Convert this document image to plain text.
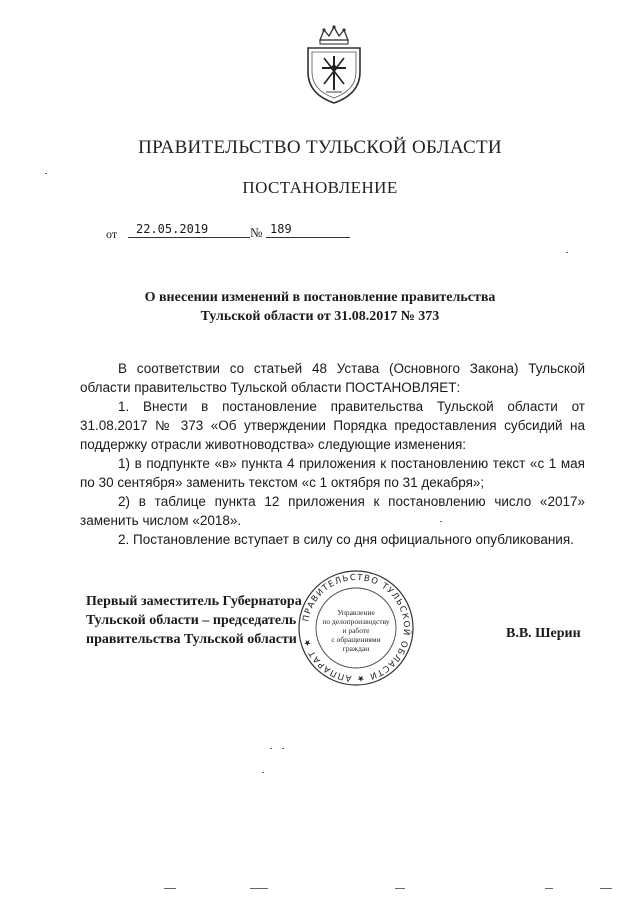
ПРАВИТЕЛЬСТВО ТУЛЬСКОЙ ОБЛАСТИ
ПОСТАНОВЛЕНИЕ
от	22.05.2019	№ 189
О внесении изменений в постановление правительства
Тульской области от 31.08.2017 № 373

В соответствии со статьей 48 Устава (Основного Закона) Тульской области правительство Тульской области ПОСТАНОВЛЯЕТ:

1. Внести в постановление правительства Тульской области от 31.08.2017 № 373 «Об утверждении Порядка предоставления субсидий на поддержку отрасли животноводства» следующие изменения:

1) в подпункте «в» пункта 4 приложения к постановлению текст «с 1 мая по 30 сентября» заменить текстом «с 1 октября по 31 декабря»;

2) в таблице пункта 12 приложения к постановлению число «2017» заменить числом «2018».

2. Постановление вступает в силу со дня официального опубликования.

Первый заместитель Губернатора
Тульской области – председатель
правительства Тульской области	В.В. Шерин
ПРАВИТЕЛЬСТВО ТУЛЬСКОЙ ОБЛАСТИ ★ АППАРАТ ★
Управление
по делопроизводству
и работе
с обращениями
граждан
